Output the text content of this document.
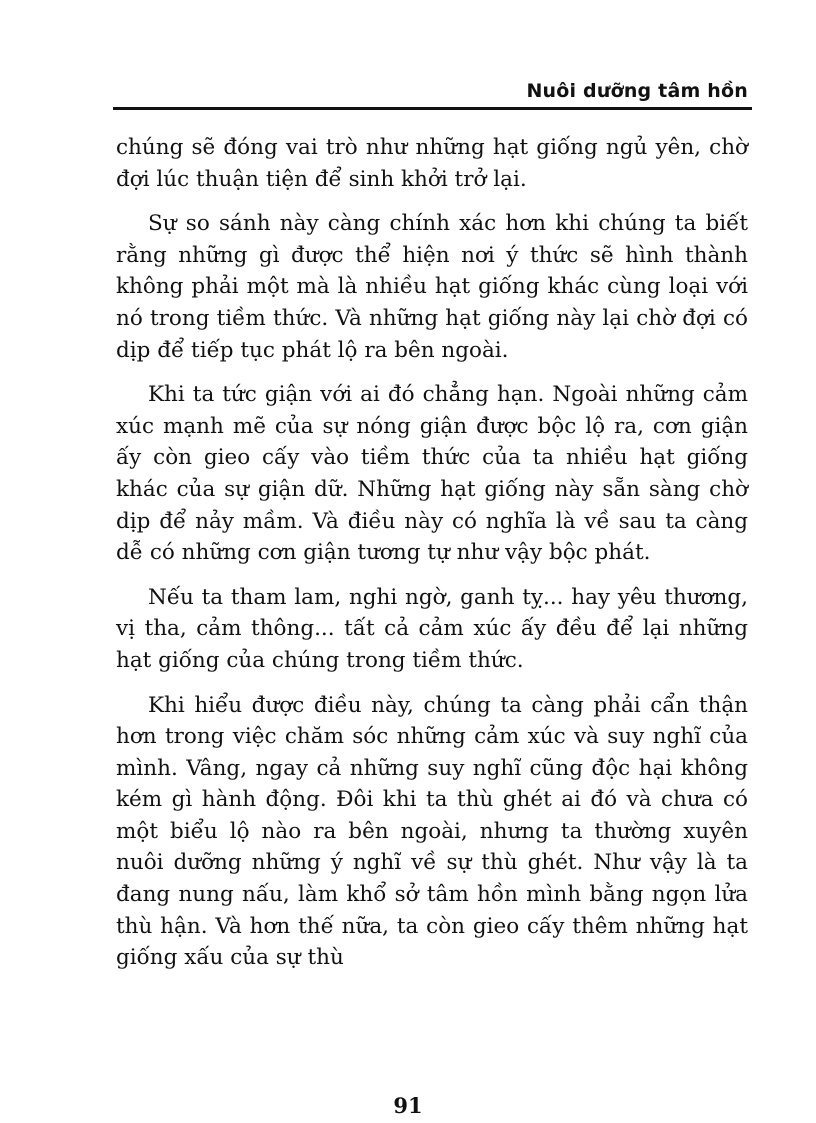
Nuôi dưỡng tâm hồn

chúng sẽ đóng vai trò như những hạt giống ngủ yên, chờ đợi lúc thuận tiện để sinh khởi trở lại.

Sự so sánh này càng chính xác hơn khi chúng ta biết rằng những gì được thể hiện nơi ý thức sẽ hình thành không phải một mà là nhiều hạt giống khác cùng loại với nó trong tiềm thức. Và những hạt giống này lại chờ đợi có dịp để tiếp tục phát lộ ra bên ngoài.

Khi ta tức giận với ai đó chẳng hạn. Ngoài những cảm xúc mạnh mẽ của sự nóng giận được bộc lộ ra, cơn giận ấy còn gieo cấy vào tiềm thức của ta nhiều hạt giống khác của sự giận dữ. Những hạt giống này sẵn sàng chờ dịp để nảy mầm. Và điều này có nghĩa là về sau ta càng dễ có những cơn giận tương tự như vậy bộc phát.

Nếu ta tham lam, nghi ngờ, ganh tỵ... hay yêu thương, vị tha, cảm thông... tất cả cảm xúc ấy đều để lại những hạt giống của chúng trong tiềm thức.

Khi hiểu được điều này, chúng ta càng phải cẩn thận hơn trong việc chăm sóc những cảm xúc và suy nghĩ của mình. Vâng, ngay cả những suy nghĩ cũng độc hại không kém gì hành động. Đôi khi ta thù ghét ai đó và chưa có một biểu lộ nào ra bên ngoài, nhưng ta thường xuyên nuôi dưỡng những ý nghĩ về sự thù ghét. Như vậy là ta đang nung nấu, làm khổ sở tâm hồn mình bằng ngọn lửa thù hận. Và hơn thế nữa, ta còn gieo cấy thêm những hạt giống xấu của sự thù

91
